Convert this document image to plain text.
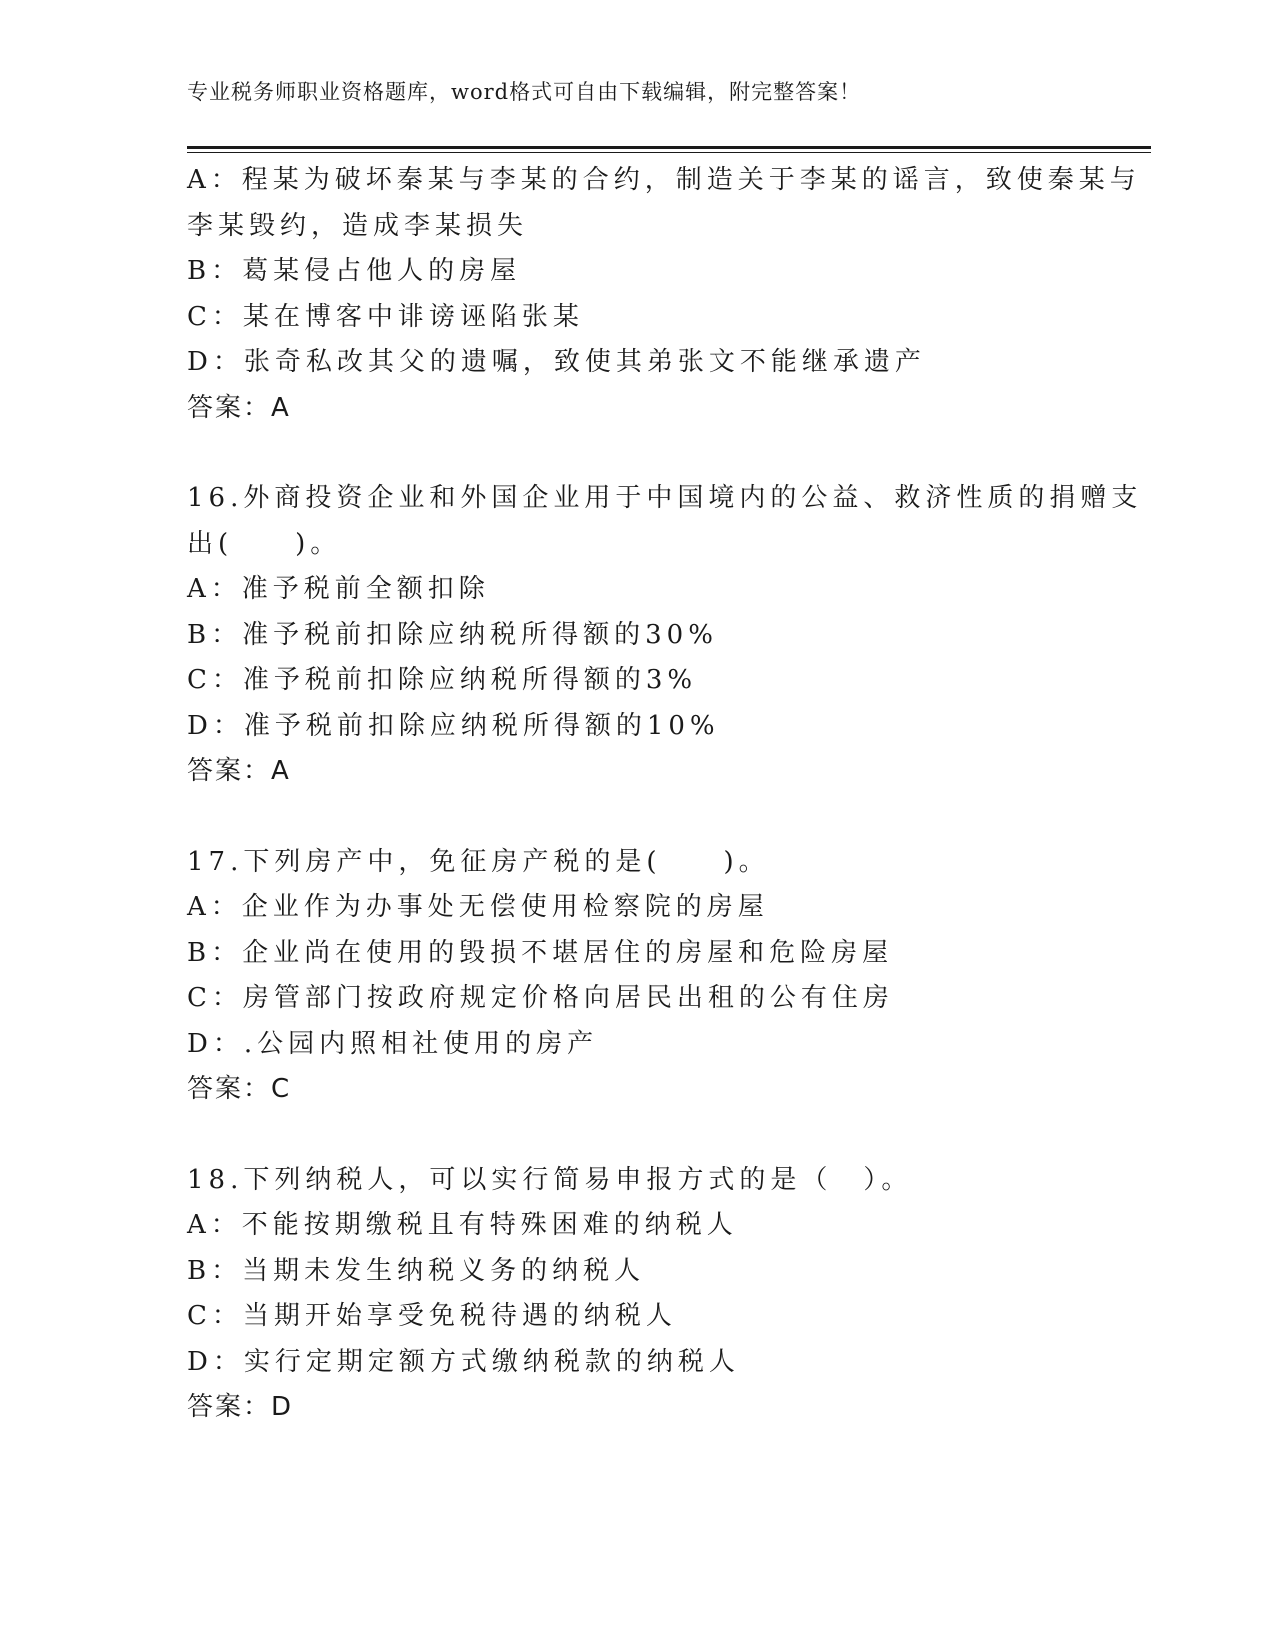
专业税务师职业资格题库，word格式可自由下载编辑，附完整答案！
A：程某为破坏秦某与李某的合约，制造关于李某的谣言，致使秦某与
李某毁约，造成李某损失
B：葛某侵占他人的房屋
C：某在博客中诽谤诬陷张某
D：张奇私改其父的遗嘱，致使其弟张文不能继承遗产
答案：A
16.外商投资企业和外国企业用于中国境内的公益、救济性质的捐赠支
出(　　)。
A：准予税前全额扣除
B：准予税前扣除应纳税所得额的30%
C：准予税前扣除应纳税所得额的3%
D：准予税前扣除应纳税所得额的10%
答案：A
17.下列房产中，免征房产税的是(　　)。
A：企业作为办事处无偿使用检察院的房屋
B：企业尚在使用的毁损不堪居住的房屋和危险房屋
C：房管部门按政府规定价格向居民出租的公有住房
D：.公园内照相社使用的房产
答案：C
18.下列纳税人，可以实行简易申报方式的是（　）。
A：不能按期缴税且有特殊困难的纳税人
B：当期未发生纳税义务的纳税人
C：当期开始享受免税待遇的纳税人
D：实行定期定额方式缴纳税款的纳税人
答案：D
